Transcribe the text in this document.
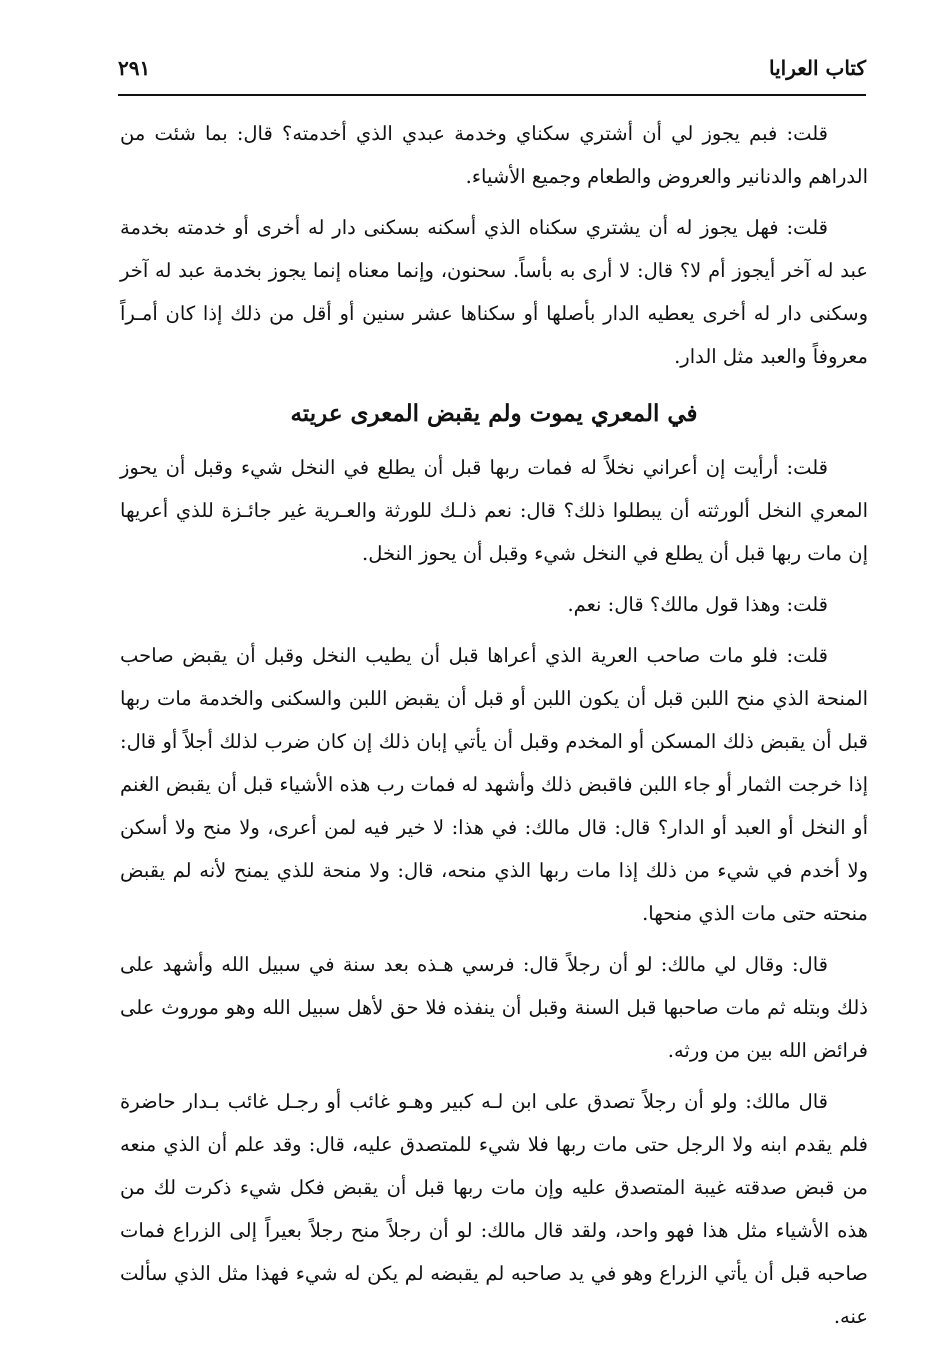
كتاب العرايا
٢٩١

قلت: فبم يجوز لي أن أشتري سكناي وخدمة عبدي الذي أخدمته؟ قال: بما شئت من الدراهم والدنانير والعروض والطعام وجميع الأشياء.

قلت: فهل يجوز له أن يشتري سكناه الذي أسكنه بسكنى دار له أخرى أو خدمته بخدمة عبد له آخر أيجوز أم لا؟ قال: لا أرى به بأساً. سحنون، وإنما معناه إنما يجوز بخدمة عبد له آخر وسكنى دار له أخرى يعطيه الدار بأصلها أو سكناها عشر سنين أو أقل من ذلك إذا كان أمـراً معروفاً والعبد مثل الدار.

في المعري يموت ولم يقبض المعرى عريته

قلت: أرأيت إن أعراني نخلاً له فمات ربها قبل أن يطلع في النخل شيء وقبل أن يحوز المعري النخل ألورثته أن يبطلوا ذلك؟ قال: نعم ذلـك للورثة والعـرية غير جائـزة للذي أعريها إن مات ربها قبل أن يطلع في النخل شيء وقبل أن يحوز النخل.

قلت: وهذا قول مالك؟ قال: نعم.

قلت: فلو مات صاحب العرية الذي أعراها قبل أن يطيب النخل وقبل أن يقبض صاحب المنحة الذي منح اللبن قبل أن يكون اللبن أو قبل أن يقبض اللبن والسكنى والخدمة مات ربها قبل أن يقبض ذلك المسكن أو المخدم وقبل أن يأتي إبان ذلك إن كان ضرب لذلك أجلاً أو قال: إذا خرجت الثمار أو جاء اللبن فاقبض ذلك وأشهد له فمات رب هذه الأشياء قبل أن يقبض الغنم أو النخل أو العبد أو الدار؟ قال: قال مالك: في هذا: لا خير فيه لمن أعرى، ولا منح ولا أسكن ولا أخدم في شيء من ذلك إذا مات ربها الذي منحه، قال: ولا منحة للذي يمنح لأنه لم يقبض منحته حتى مات الذي منحها.

قال: وقال لي مالك: لو أن رجلاً قال: فرسي هـذه بعد سنة في سبيل الله وأشهد على ذلك وبتله ثم مات صاحبها قبل السنة وقبل أن ينفذه فلا حق لأهل سبيل الله وهو موروث على فرائض الله بين من ورثه.

قال مالك: ولو أن رجلاً تصدق على ابن لـه كبير وهـو غائب أو رجـل غائب بـدار حاضرة فلم يقدم ابنه ولا الرجل حتى مات ربها فلا شيء للمتصدق عليه، قال: وقد علم أن الذي منعه من قبض صدقته غيبة المتصدق عليه وإن مات ربها قبل أن يقبض فكل شيء ذكرت لك من هذه الأشياء مثل هذا فهو واحد، ولقد قال مالك: لو أن رجلاً منح رجلاً بعيراً إلى الزراع فمات صاحبه قبل أن يأتي الزراع وهو في يد صاحبه لم يقبضه لم يكن له شيء فهذا مثل الذي سألت عنه.
